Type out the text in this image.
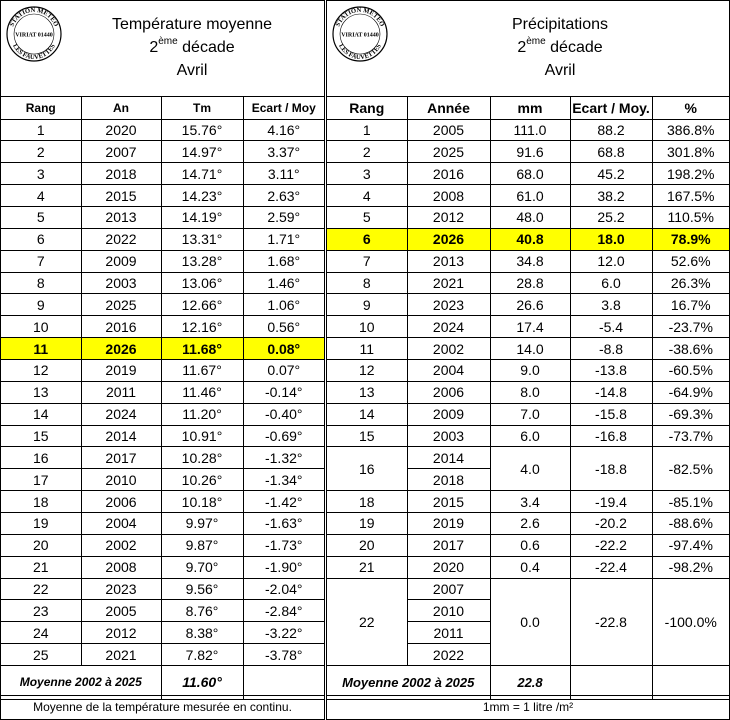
STATION METEO
VIRIAT 01440
LES FAUVETTES
Température moyenne
2ème décade
Avril
Rang	An	Tm	Ecart / Moy
1	2020	15.76°	4.16°
2	2007	14.97°	3.37°
3	2018	14.71°	3.11°
4	2015	14.23°	2.63°
5	2013	14.19°	2.59°
6	2022	13.31°	1.71°
7	2009	13.28°	1.68°
8	2003	13.06°	1.46°
9	2025	12.66°	1.06°
10	2016	12.16°	0.56°
11	2026	11.68°	0.08°
12	2019	11.67°	0.07°
13	2011	11.46°	-0.14°
14	2024	11.20°	-0.40°
15	2014	10.91°	-0.69°
16	2017	10.28°	-1.32°
17	2010	10.26°	-1.34°
18	2006	10.18°	-1.42°
19	2004	9.97°	-1.63°
20	2002	9.87°	-1.73°
21	2008	9.70°	-1.90°
22	2023	9.56°	-2.04°
23	2005	8.76°	-2.84°
24	2012	8.38°	-3.22°
25	2021	7.82°	-3.78°
Moyenne 2002 à 2025		11.60°	
Moyenne de la température mesurée en continu.
STATION METEO
VIRIAT 01440
LES FAUVETTES
Précipitations
2ème décade
Avril
Rang	Année	mm	Ecart / Moy.	%
1	2005	111.0	88.2	386.8%
2	2025	91.6	68.8	301.8%
3	2016	68.0	45.2	198.2%
4	2008	61.0	38.2	167.5%
5	2012	48.0	25.2	110.5%
6	2026	40.8	18.0	78.9%
7	2013	34.8	12.0	52.6%
8	2021	28.8	6.0	26.3%
9	2023	26.6	3.8	16.7%
10	2024	17.4	-5.4	-23.7%
11	2002	14.0	-8.8	-38.6%
12	2004	9.0	-13.8	-60.5%
13	2006	8.0	-14.8	-64.9%
14	2009	7.0	-15.8	-69.3%
15	2003	6.0	-16.8	-73.7%
16	2014	4.0	-18.8	-82.5%
	2018			
18	2015	3.4	-19.4	-85.1%
19	2019	2.6	-20.2	-88.6%
20	2017	0.6	-22.2	-97.4%
21	2020	0.4	-22.4	-98.2%
22	2007	0.0	-22.8	-100.0%
	2010			
	2011			
	2022			
Moyenne 2002 à 2025		22.8		
1mm = 1 litre /m²
